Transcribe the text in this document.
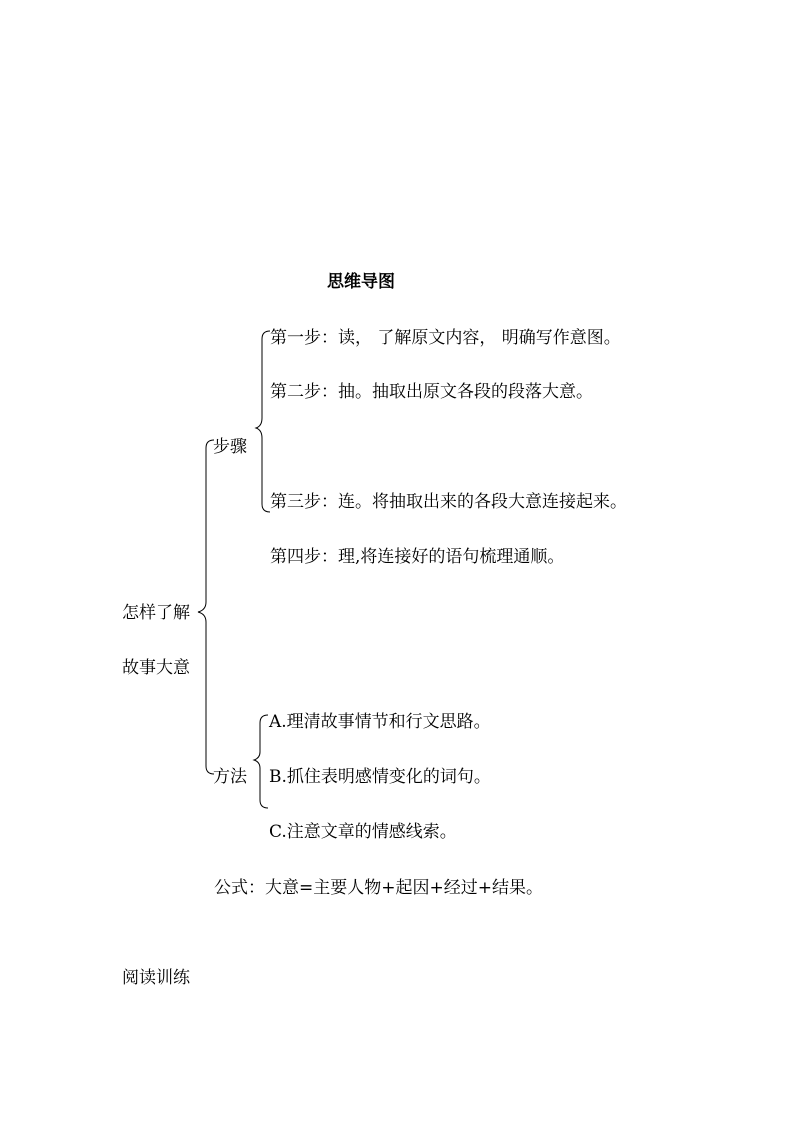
思维导图
怎样了解
故事大意
步骤
第一步：读， 了解原文内容， 明确写作意图。
第二步：抽。抽取出原文各段的段落大意。
第三步：连。将抽取出来的各段大意连接起来。
第四步：理,将连接好的语句梳理通顺。
方法
A.理清故事情节和行文思路。
B.抓住表明感情变化的词句。
C.注意文章的情感线索。
公式：大意=主要人物+起因+经过+结果。
阅读训练
